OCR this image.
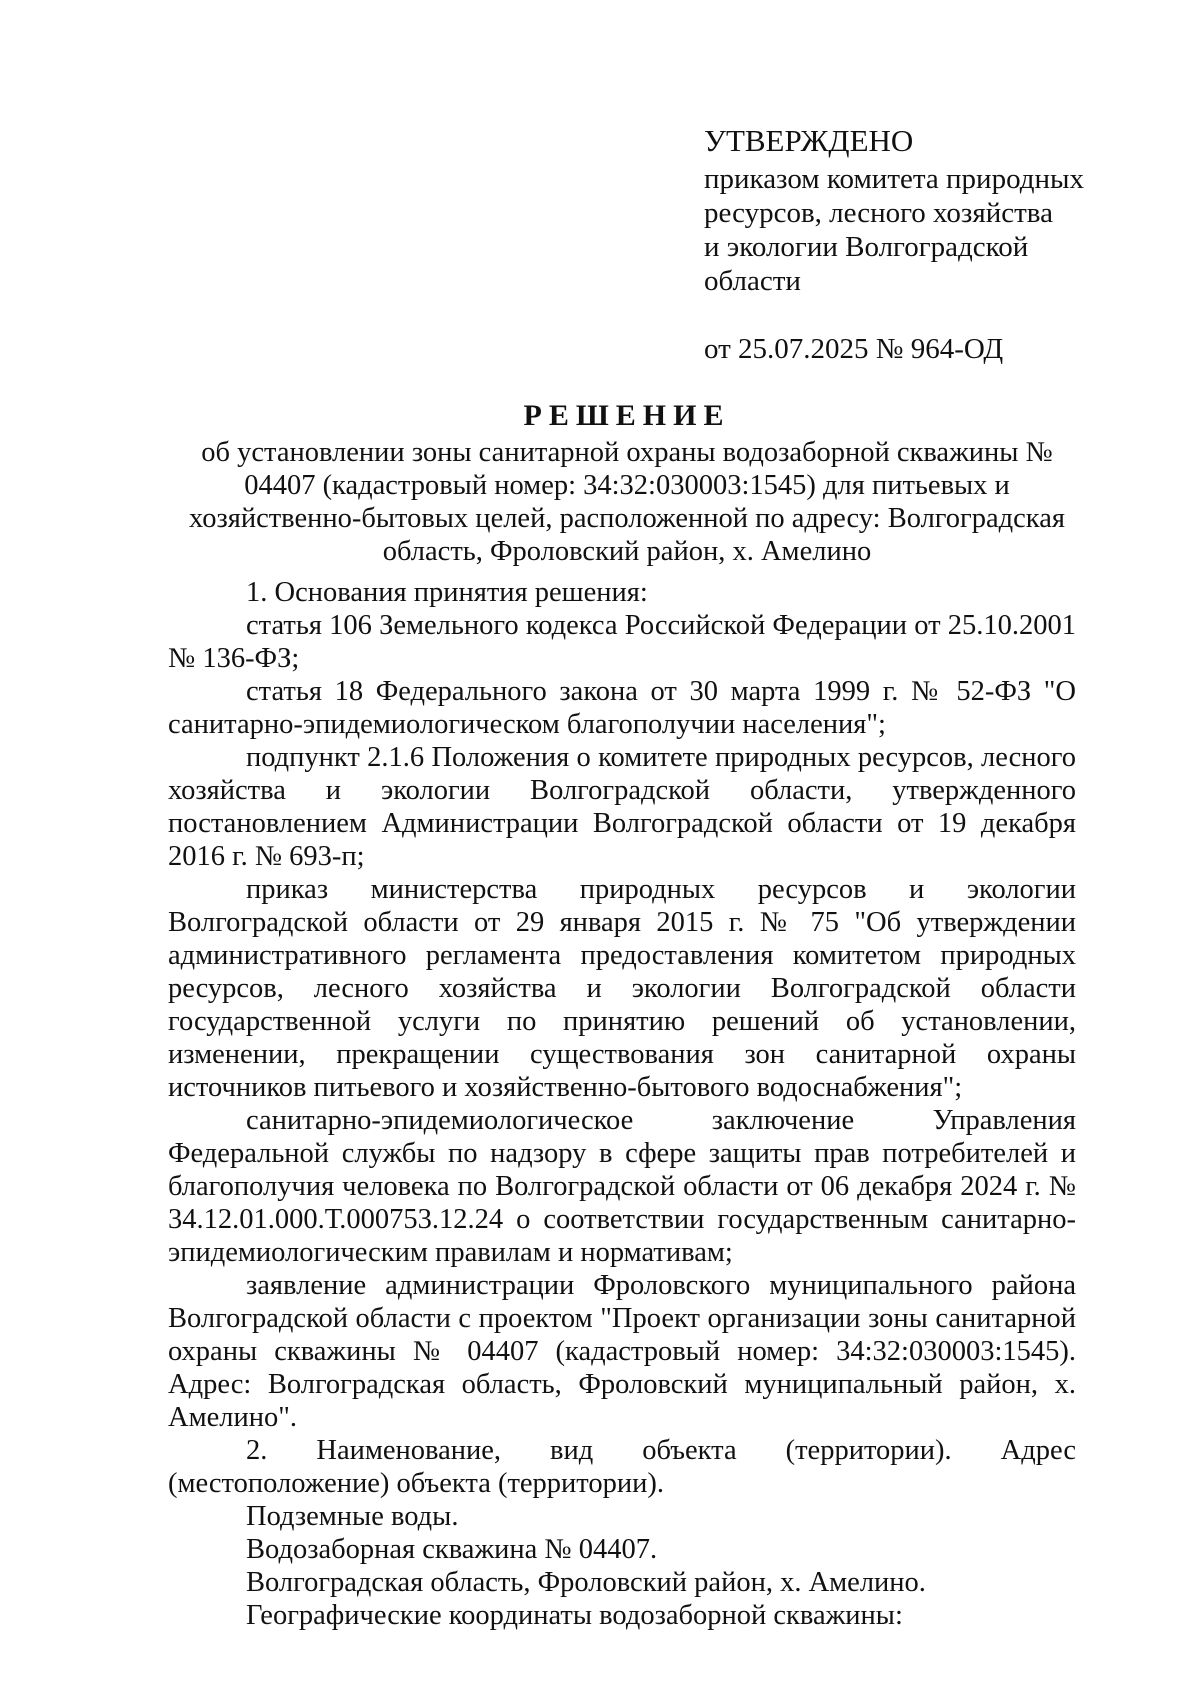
УТВЕРЖДЕНО
приказом комитета природных
ресурсов, лесного хозяйства
и экологии Волгоградской
области
от 25.07.2025 № 964-ОД
РЕШЕНИЕ
об установлении зоны санитарной охраны водозаборной скважины № 04407 (кадастровый номер: 34:32:030003:1545) для питьевых и хозяйственно-бытовых целей, расположенной по адресу: Волгоградская область, Фроловский район, х. Амелино

1. Основания принятия решения:

статья 106 Земельного кодекса Российской Федерации от 25.10.2001 № 136-ФЗ;

статья 18 Федерального закона от 30 марта 1999 г. № 52-ФЗ "О санитарно-эпидемиологическом благополучии населения";

подпункт 2.1.6 Положения о комитете природных ресурсов, лесного хозяйства и экологии Волгоградской области, утвержденного постановлением Администрации Волгоградской области от 19 декабря 2016 г. № 693-п;

приказ министерства природных ресурсов и экологии Волгоградской области от 29 января 2015 г. № 75 "Об утверждении административного регламента предоставления комитетом природных ресурсов, лесного хозяйства и экологии Волгоградской области государственной услуги по принятию решений об установлении, изменении, прекращении существования зон санитарной охраны источников питьевого и хозяйственно-бытового водоснабжения";

санитарно-эпидемиологическое заключение Управления Федеральной службы по надзору в сфере защиты прав потребителей и благополучия человека по Волгоградской области от 06 декабря 2024 г. № 34.12.01.000.Т.000753.12.24 о соответствии государственным санитарно-эпидемиологическим правилам и нормативам;

заявление администрации Фроловского муниципального района Волгоградской области с проектом "Проект организации зоны санитарной охраны скважины № 04407 (кадастровый номер: 34:32:030003:1545). Адрес: Волгоградская область, Фроловский муниципальный район, х. Амелино".

2. Наименование, вид объекта (территории). Адрес (местоположение) объекта (территории).

Подземные воды.

Водозаборная скважина № 04407.

Волгоградская область, Фроловский район, х. Амелино.

Географические координаты водозаборной скважины:
